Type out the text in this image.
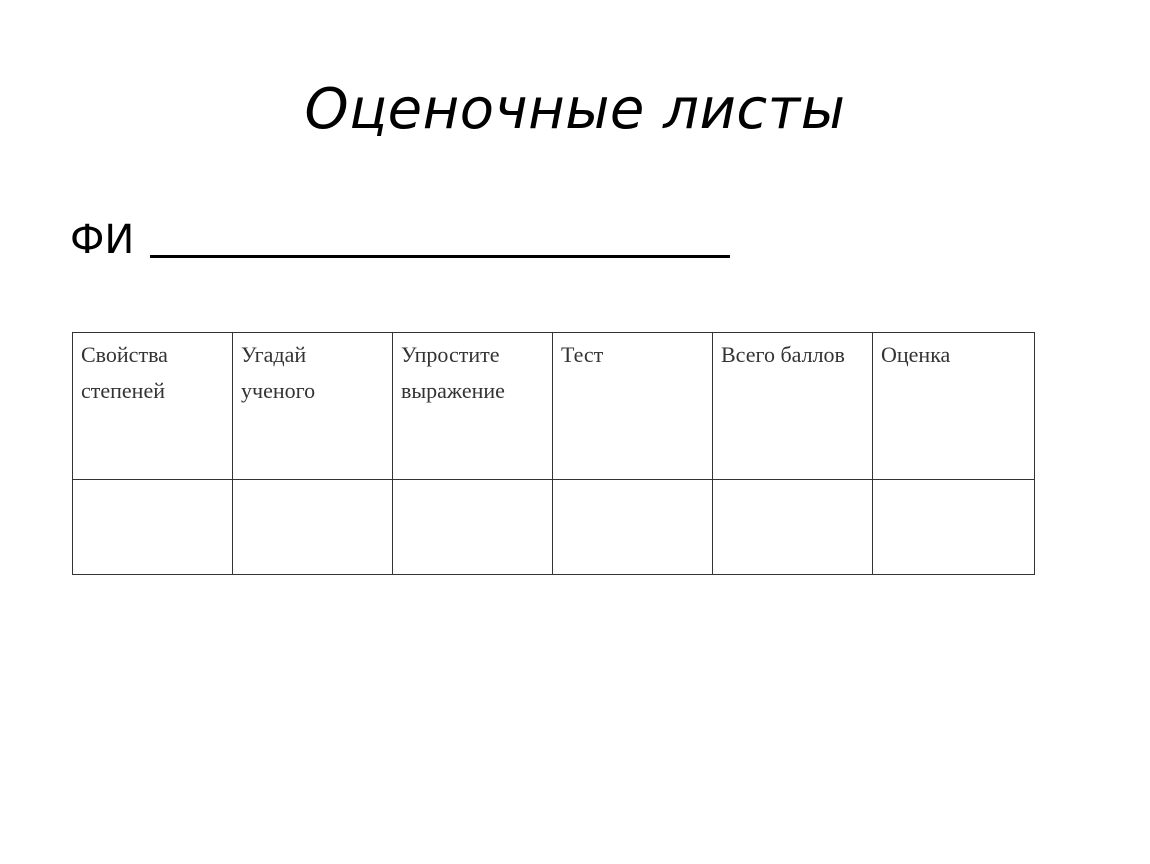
Оценочные листы
ФИ
Свойства степеней	Угадай ученого	Упростите выражение	Тест	Всего баллов	Оценка
